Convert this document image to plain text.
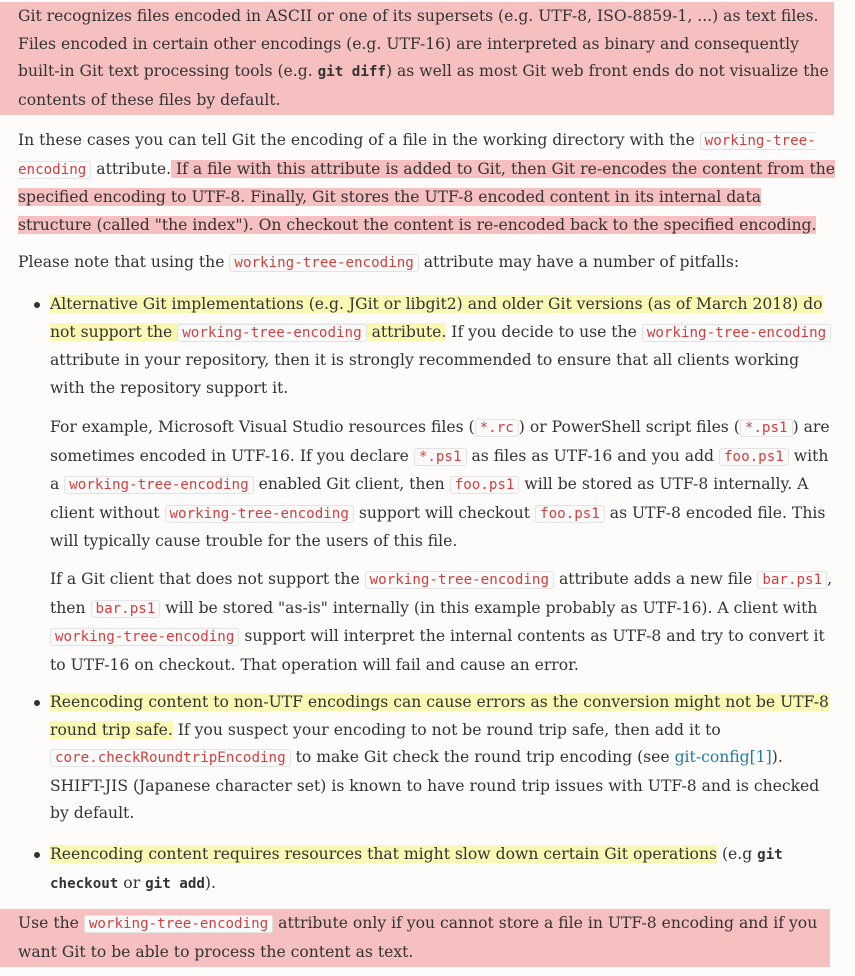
Git recognizes files encoded in ASCII or one of its supersets (e.g. UTF-8, ISO-8859-1, ...) as text files. Files encoded in certain other encodings (e.g. UTF-16) are interpreted as binary and consequently built-in Git text processing tools (e.g. git diff) as well as most Git web front ends do not visualize the contents of these files by default.

In these cases you can tell Git the encoding of a file in the working directory with the working-tree-encoding attribute. If a file with this attribute is added to Git, then Git re-encodes the content from the specified encoding to UTF-8. Finally, Git stores the UTF-8 encoded content in its internal data structure (called "the index"). On checkout the content is re-encoded back to the specified encoding.

Please note that using the working-tree-encoding attribute may have a number of pitfalls:

Alternative Git implementations (e.g. JGit or libgit2) and older Git versions (as of March 2018) do not support the working-tree-encoding attribute. If you decide to use the working-tree-encoding attribute in your repository, then it is strongly recommended to ensure that all clients working with the repository support it.

For example, Microsoft Visual Studio resources files ( *.rc ) or PowerShell script files ( *.ps1 ) are sometimes encoded in UTF-16. If you declare *.ps1 as files as UTF-16 and you add foo.ps1 with a working-tree-encoding enabled Git client, then foo.ps1 will be stored as UTF-8 internally. A client without working-tree-encoding support will checkout foo.ps1 as UTF-8 encoded file. This will typically cause trouble for the users of this file.

If a Git client that does not support the working-tree-encoding attribute adds a new file bar.ps1 , then bar.ps1 will be stored "as-is" internally (in this example probably as UTF-16). A client with working-tree-encoding support will interpret the internal contents as UTF-8 and try to convert it to UTF-16 on checkout. That operation will fail and cause an error.

Reencoding content to non-UTF encodings can cause errors as the conversion might not be UTF-8 round trip safe. If you suspect your encoding to not be round trip safe, then add it to core.checkRoundtripEncoding to make Git check the round trip encoding (see git-config[1]). SHIFT-JIS (Japanese character set) is known to have round trip issues with UTF-8 and is checked by default.

Reencoding content requires resources that might slow down certain Git operations (e.g git checkout or git add).

Use the working-tree-encoding attribute only if you cannot store a file in UTF-8 encoding and if you want Git to be able to process the content as text.
